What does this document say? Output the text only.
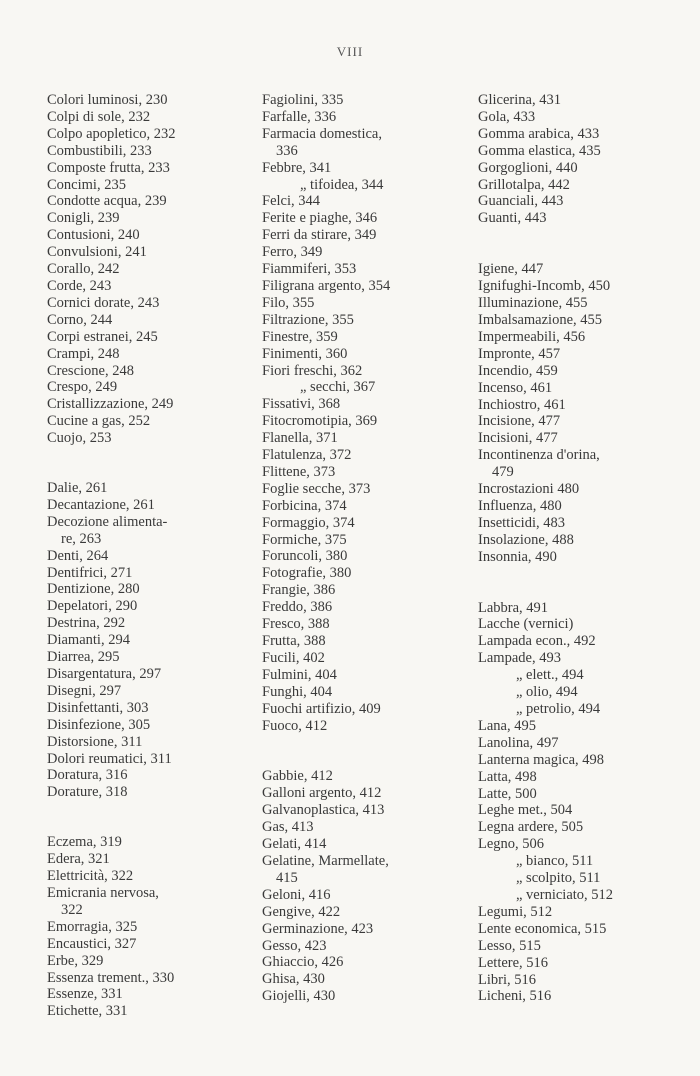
VIII
Colori luminosi, 230
Colpi di sole, 232
Colpo apopletico, 232
Combustibili, 233
Composte frutta, 233
Concimi, 235
Condotte acqua, 239
Conigli, 239
Contusioni, 240
Convulsioni, 241
Corallo, 242
Corde, 243
Cornici dorate, 243
Corno, 244
Corpi estranei, 245
Crampi, 248
Crescione, 248
Crespo, 249
Cristallizzazione, 249
Cucine a gas, 252
Cuojo, 253
Dalie, 261
Decantazione, 261
Decozione alimenta-
re, 263
Denti, 264
Dentifrici, 271
Dentizione, 280
Depelatori, 290
Destrina, 292
Diamanti, 294
Diarrea, 295
Disargentatura, 297
Disegni, 297
Disinfettanti, 303
Disinfezione, 305
Distorsione, 311
Dolori reumatici, 311
Doratura, 316
Dorature, 318
Eczema, 319
Edera, 321
Elettricità, 322
Emicrania nervosa,
322
Emorragia, 325
Encaustici, 327
Erbe, 329
Essenza trement., 330
Essenze, 331
Etichette, 331
Fagiolini, 335
Farfalle, 336
Farmacia domestica,
336
Febbre, 341
„ tifoidea, 344
Felci, 344
Ferite e piaghe, 346
Ferri da stirare, 349
Ferro, 349
Fiammiferi, 353
Filigrana argento, 354
Filo, 355
Filtrazione, 355
Finestre, 359
Finimenti, 360
Fiori freschi, 362
„ secchi, 367
Fissativi, 368
Fitocromotipia, 369
Flanella, 371
Flatulenza, 372
Flittene, 373
Foglie secche, 373
Forbicina, 374
Formaggio, 374
Formiche, 375
Foruncoli, 380
Fotografie, 380
Frangie, 386
Freddo, 386
Fresco, 388
Frutta, 388
Fucili, 402
Fulmini, 404
Funghi, 404
Fuochi artifizio, 409
Fuoco, 412
Gabbie, 412
Galloni argento, 412
Galvanoplastica, 413
Gas, 413
Gelati, 414
Gelatine, Marmellate,
415
Geloni, 416
Gengive, 422
Germinazione, 423
Gesso, 423
Ghiaccio, 426
Ghisa, 430
Giojelli, 430
Glicerina, 431
Gola, 433
Gomma arabica, 433
Gomma elastica, 435
Gorgoglioni, 440
Grillotalpa, 442
Guanciali, 443
Guanti, 443
Igiene, 447
Ignifughi-Incomb, 450
Illuminazione, 455
Imbalsamazione, 455
Impermeabili, 456
Impronte, 457
Incendio, 459
Incenso, 461
Inchiostro, 461
Incisione, 477
Incisioni, 477
Incontinenza d'orina,
479
Incrostazioni 480
Influenza, 480
Insetticidi, 483
Insolazione, 488
Insonnia, 490
Labbra, 491
Lacche (vernici)
Lampada econ., 492
Lampade, 493
„ elett., 494
„ olio, 494
„ petrolio, 494
Lana, 495
Lanolina, 497
Lanterna magica, 498
Latta, 498
Latte, 500
Leghe met., 504
Legna ardere, 505
Legno, 506
„ bianco, 511
„ scolpito, 511
„ verniciato, 512
Legumi, 512
Lente economica, 515
Lesso, 515
Lettere, 516
Libri, 516
Licheni, 516
